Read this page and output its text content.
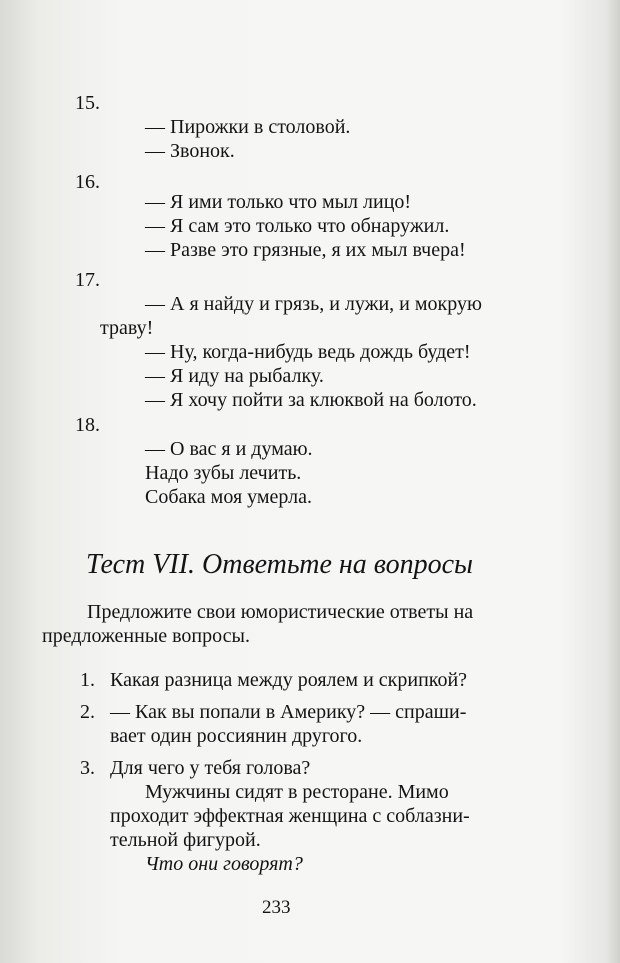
15.
— Пирожки в столовой.
— Звонок.
16.
— Я ими только что мыл лицо!
— Я сам это только что обнаружил.
— Разве это грязные, я их мыл вчера!
17.
— А я найду и грязь, и лужи, и мокрую
траву!
— Ну, когда-нибудь ведь дождь будет!
— Я иду на рыбалку.
— Я хочу пойти за клюквой на болото.
18.
— О вас я и думаю.
Надо зубы лечить.
Собака моя умерла.
Тест VII. Ответьте на вопросы
Предложите свои юмористические ответы на
предложенные вопросы.
1. Какая разница между роялем и скрипкой?
2. — Как вы попали в Америку? — спраши-
вает один россиянин другого.
3. Для чего у тебя голова?
Мужчины сидят в ресторане. Мимо
проходит эффектная женщина с соблазни-
тельной фигурой.
Что они говорят?
233
